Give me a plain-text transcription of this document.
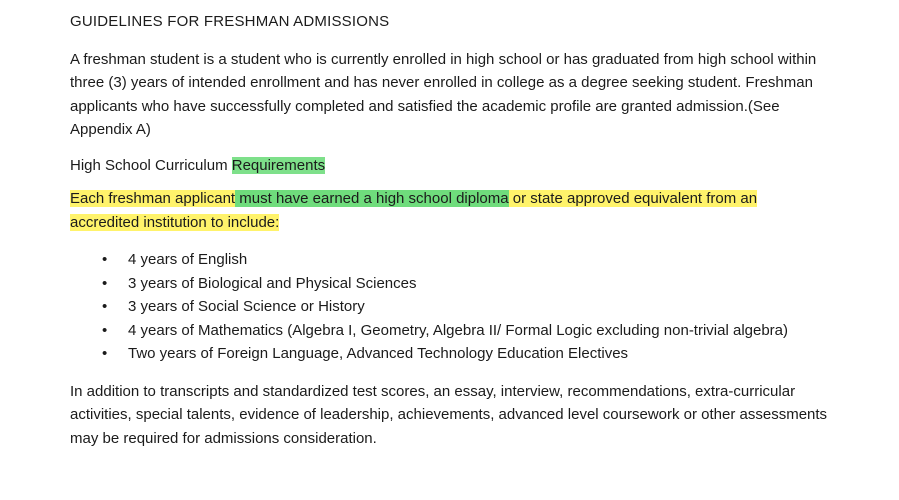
GUIDELINES FOR FRESHMAN ADMISSIONS

A freshman student is a student who is currently enrolled in high school or has graduated from high school within three (3) years of intended enrollment and has never enrolled in college as a degree seeking student. Freshman applicants who have successfully completed and satisfied the academic profile are granted admission.(See Appendix A)

High School Curriculum Requirements

Each freshman applicant must have earned a high school diploma or state approved equivalent from an accredited institution to include:

• 4 years of English
• 3 years of Biological and Physical Sciences
• 3 years of Social Science or History
• 4 years of Mathematics (Algebra I, Geometry, Algebra II/ Formal Logic excluding non-trivial algebra)
• Two years of Foreign Language, Advanced Technology Education Electives

In addition to transcripts and standardized test scores, an essay, interview, recommendations, extra-curricular activities, special talents, evidence of leadership, achievements, advanced level coursework or other assessments may be required for admissions consideration.
